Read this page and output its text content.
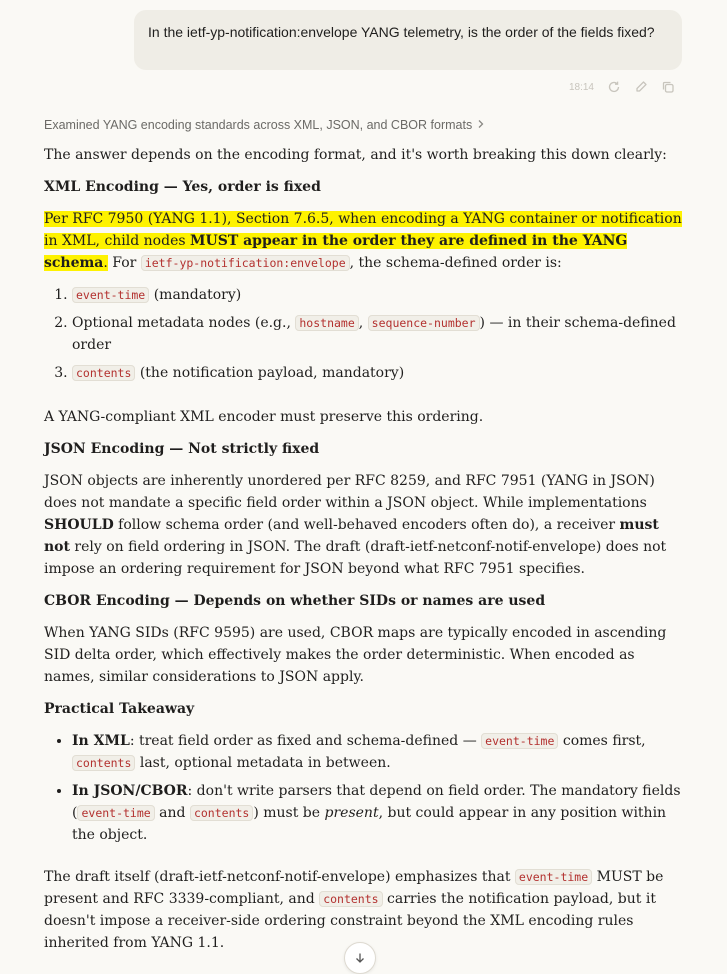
In the ietf-yp-notification:envelope YANG telemetry, is the order of the fields fixed?
18:14
Examined YANG encoding standards across XML, JSON, and CBOR formats

The answer depends on the encoding format, and it's worth breaking this down clearly:

XML Encoding — Yes, order is fixed

Per RFC 7950 (YANG 1.1), Section 7.6.5, when encoding a YANG container or notification in XML, child nodes MUST appear in the order they are defined in the YANG schema. For ietf-yp-notification:envelope , the schema-defined order is:

1. event-time (mandatory)
2. Optional metadata nodes (e.g., hostname , sequence-number ) — in their schema-defined order
3. contents (the notification payload, mandatory)

A YANG-compliant XML encoder must preserve this ordering.

JSON Encoding — Not strictly fixed

JSON objects are inherently unordered per RFC 8259, and RFC 7951 (YANG in JSON) does not mandate a specific field order within a JSON object. While implementations SHOULD follow schema order (and well-behaved encoders often do), a receiver must not rely on field ordering in JSON. The draft (draft-ietf-netconf-notif-envelope) does not impose an ordering requirement for JSON beyond what RFC 7951 specifies.

CBOR Encoding — Depends on whether SIDs or names are used

When YANG SIDs (RFC 9595) are used, CBOR maps are typically encoded in ascending SID delta order, which effectively makes the order deterministic. When encoded as names, similar considerations to JSON apply.

Practical Takeaway
• In XML: treat field order as fixed and schema-defined — event-time comes first, contents last, optional metadata in between.
• In JSON/CBOR: don't write parsers that depend on field order. The mandatory fields ( event-time and contents ) must be present, but could appear in any position within the object.

The draft itself (draft-ietf-netconf-notif-envelope) emphasizes that event-time MUST be present and RFC 3339-compliant, and contents carries the notification payload, but it doesn't impose a receiver-side ordering constraint beyond the XML encoding rules inherited from YANG 1.1.
